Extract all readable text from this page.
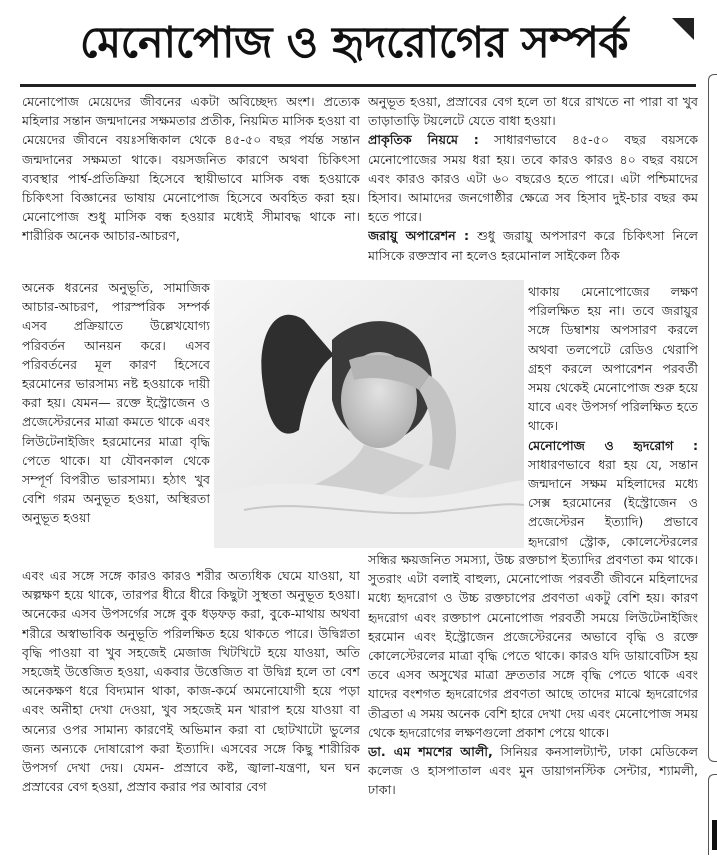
মেনোপোজ ও হৃদরোগের সম্পর্ক

মেনোপোজ মেয়েদের জীবনের একটা অবিচ্ছেদ্য অংশ। প্রত্যেক মহিলার সন্তান জন্মদানের সক্ষমতার প্রতীক, নিয়মিত মাসিক হওয়া বা মেয়েদের জীবনে বয়ঃসন্ধিকাল থেকে ৪৫-৫০ বছর পর্যন্ত সন্তান জন্মদানের সক্ষমতা থাকে। বয়সজনিত কারণে অথবা চিকিৎসা ব্যবস্থার পার্শ্ব-প্রতিক্রিয়া হিসেবে স্থায়ীভাবে মাসিক বন্ধ হওয়াকে চিকিৎসা বিজ্ঞানের ভাষায় মেনোপোজ হিসেবে অবহিত করা হয়। মেনোপোজ শুধু মাসিক বন্ধ হওয়ার মধ্যেই সীমাবদ্ধ থাকে না। শারীরিক অনেক আচার-আচরণ,

অনেক ধরনের অনুভূতি, সামাজিক আচার-আচরণ, পারস্পরিক সম্পর্ক এসব প্রক্রিয়াতে উল্লেখযোগ্য পরিবর্তন আনয়ন করে। এসব পরিবর্তনের মূল কারণ হিসেবে হরমোনের ভারসাম্য নষ্ট হওয়াকে দায়ী করা হয়। যেমন— রক্তে ইস্ট্রোজেন ও প্রজেস্টেরনের মাত্রা কমতে থাকে এবং লিউটেনাইজিং হরমোনের মাত্রা বৃদ্ধি পেতে থাকে। যা যৌবনকাল থেকে সম্পূর্ণ বিপরীত ভারসাম্য। হঠাৎ খুব বেশি গরম অনুভূত হওয়া, অস্থিরতা অনুভূত হওয়া

এবং এর সঙ্গে সঙ্গে কারও কারও শরীর অত্যধিক ঘেমে যাওয়া, যা অল্পক্ষণ হয়ে থাকে, তারপর ধীরে ধীরে কিছুটা সুস্থতা অনুভূত হওয়া। অনেকের এসব উপসর্গের সঙ্গে বুক ধড়ফড় করা, বুকে-মাথায় অথবা শরীরে অস্বাভাবিক অনুভূতি পরিলক্ষিত হয়ে থাকতে পারে। উদ্বিগ্নতা বৃদ্ধি পাওয়া বা খুব সহজেই মেজাজ খিটখিটে হয়ে যাওয়া, অতি সহজেই উত্তেজিত হওয়া, একবার উত্তেজিত বা উদ্বিগ্ন হলে তা বেশ অনেকক্ষণ ধরে বিদ্যমান থাকা, কাজ-কর্মে অমনোযোগী হয়ে পড়া এবং অনীহা দেখা দেওয়া, খুব সহজেই মন খারাপ হয়ে যাওয়া বা অন্যের ওপর সামান্য কারণেই অভিমান করা বা ছোটখাটো ভুলের জন্য অন্যকে দোষারোপ করা ইত্যাদি। এসবের সঙ্গে কিছু শারীরিক উপসর্গ দেখা দেয়। যেমন- প্রস্রাবে কষ্ট, জ্বালা-যন্ত্রণা, ঘন ঘন প্রস্রাবের বেগ হওয়া, প্রস্রাব করার পর আবার বেগ

অনুভূত হওয়া, প্রস্রাবের বেগ হলে তা ধরে রাখতে না পারা বা খুব তাড়াতাড়ি টয়লেটে যেতে বাধা হওয়া।

প্রাকৃতিক নিয়মে : সাধারণভাবে ৪৫-৫০ বছর বয়সকে মেনোপোজের সময় ধরা হয়। তবে কারও কারও ৪০ বছর বয়সে এবং কারও কারও এটা ৬০ বছরেও হতে পারে। এটা পশ্চিমাদের হিসাব। আমাদের জনগোষ্ঠীর ক্ষেত্রে সব হিসাব দুই-চার বছর কম হতে পারে।

জরায়ু অপারেশন : শুধু জরায়ু অপসারণ করে চিকিৎসা নিলে মাসিকে রক্তস্রাব না হলেও হরমোনাল সাইকেল ঠিক

থাকায় মেনোপোজের লক্ষণ পরিলক্ষিত হয় না। তবে জরায়ুর সঙ্গে ডিম্বাশয় অপসারণ করলে অথবা তলপেটে রেডিও থেরাপি গ্রহণ করলে অপারেশন পরবর্তী সময় থেকেই মেনোপোজ শুরু হয়ে যাবে এবং উপসর্গ পরিলক্ষিত হতে থাকে।

মেনোপোজ ও হৃদরোগ : সাধারণভাবে ধরা হয় যে, সন্তান জন্মদানে সক্ষম মহিলাদের মধ্যে সেক্স হরমোনের (ইস্ট্রোজেন ও প্রজেস্টেরন ইত্যাদি) প্রভাবে হৃদরোগ স্ট্রোক, কোলেস্টেরলের

সন্ধির ক্ষয়জনিত সমস্যা, উচ্চ রক্তচাপ ইত্যাদির প্রবণতা কম থাকে। সুতরাং এটা বলাই বাহুল্য, মেনোপোজ পরবর্তী জীবনে মহিলাদের মধ্যে হৃদরোগ ও উচ্চ রক্তচাপের প্রবণতা একটু বেশি হয়। কারণ হৃদরোগ এবং রক্তচাপ মেনোপোজ পরবর্তী সময়ে লিউটেনাইজিং হরমোন এবং ইস্ট্রোজেন প্রজেস্টেরনের অভাবে বৃদ্ধি ও রক্তে কোলেস্টেরলের মাত্রা বৃদ্ধি পেতে থাকে। কারও যদি ডায়াবেটিস হয় তবে এসব অসুখের মাত্রা দ্রুততার সঙ্গে বৃদ্ধি পেতে থাকে এবং যাদের বংশগত হৃদরোগের প্রবণতা আছে তাদের মাঝে হৃদরোগের তীব্রতা এ সময় অনেক বেশি হারে দেখা দেয় এবং মেনোপোজ সময় থেকে হৃদরোগের লক্ষণগুলো প্রকাশ পেয়ে থাকে।

ডা. এম শমশের আলী, সিনিয়র কনসালট্যান্ট, ঢাকা মেডিকেল কলেজ ও হাসপাতাল এবং মুন ডায়াগনস্টিক সেন্টার, শ্যামলী, ঢাকা।
